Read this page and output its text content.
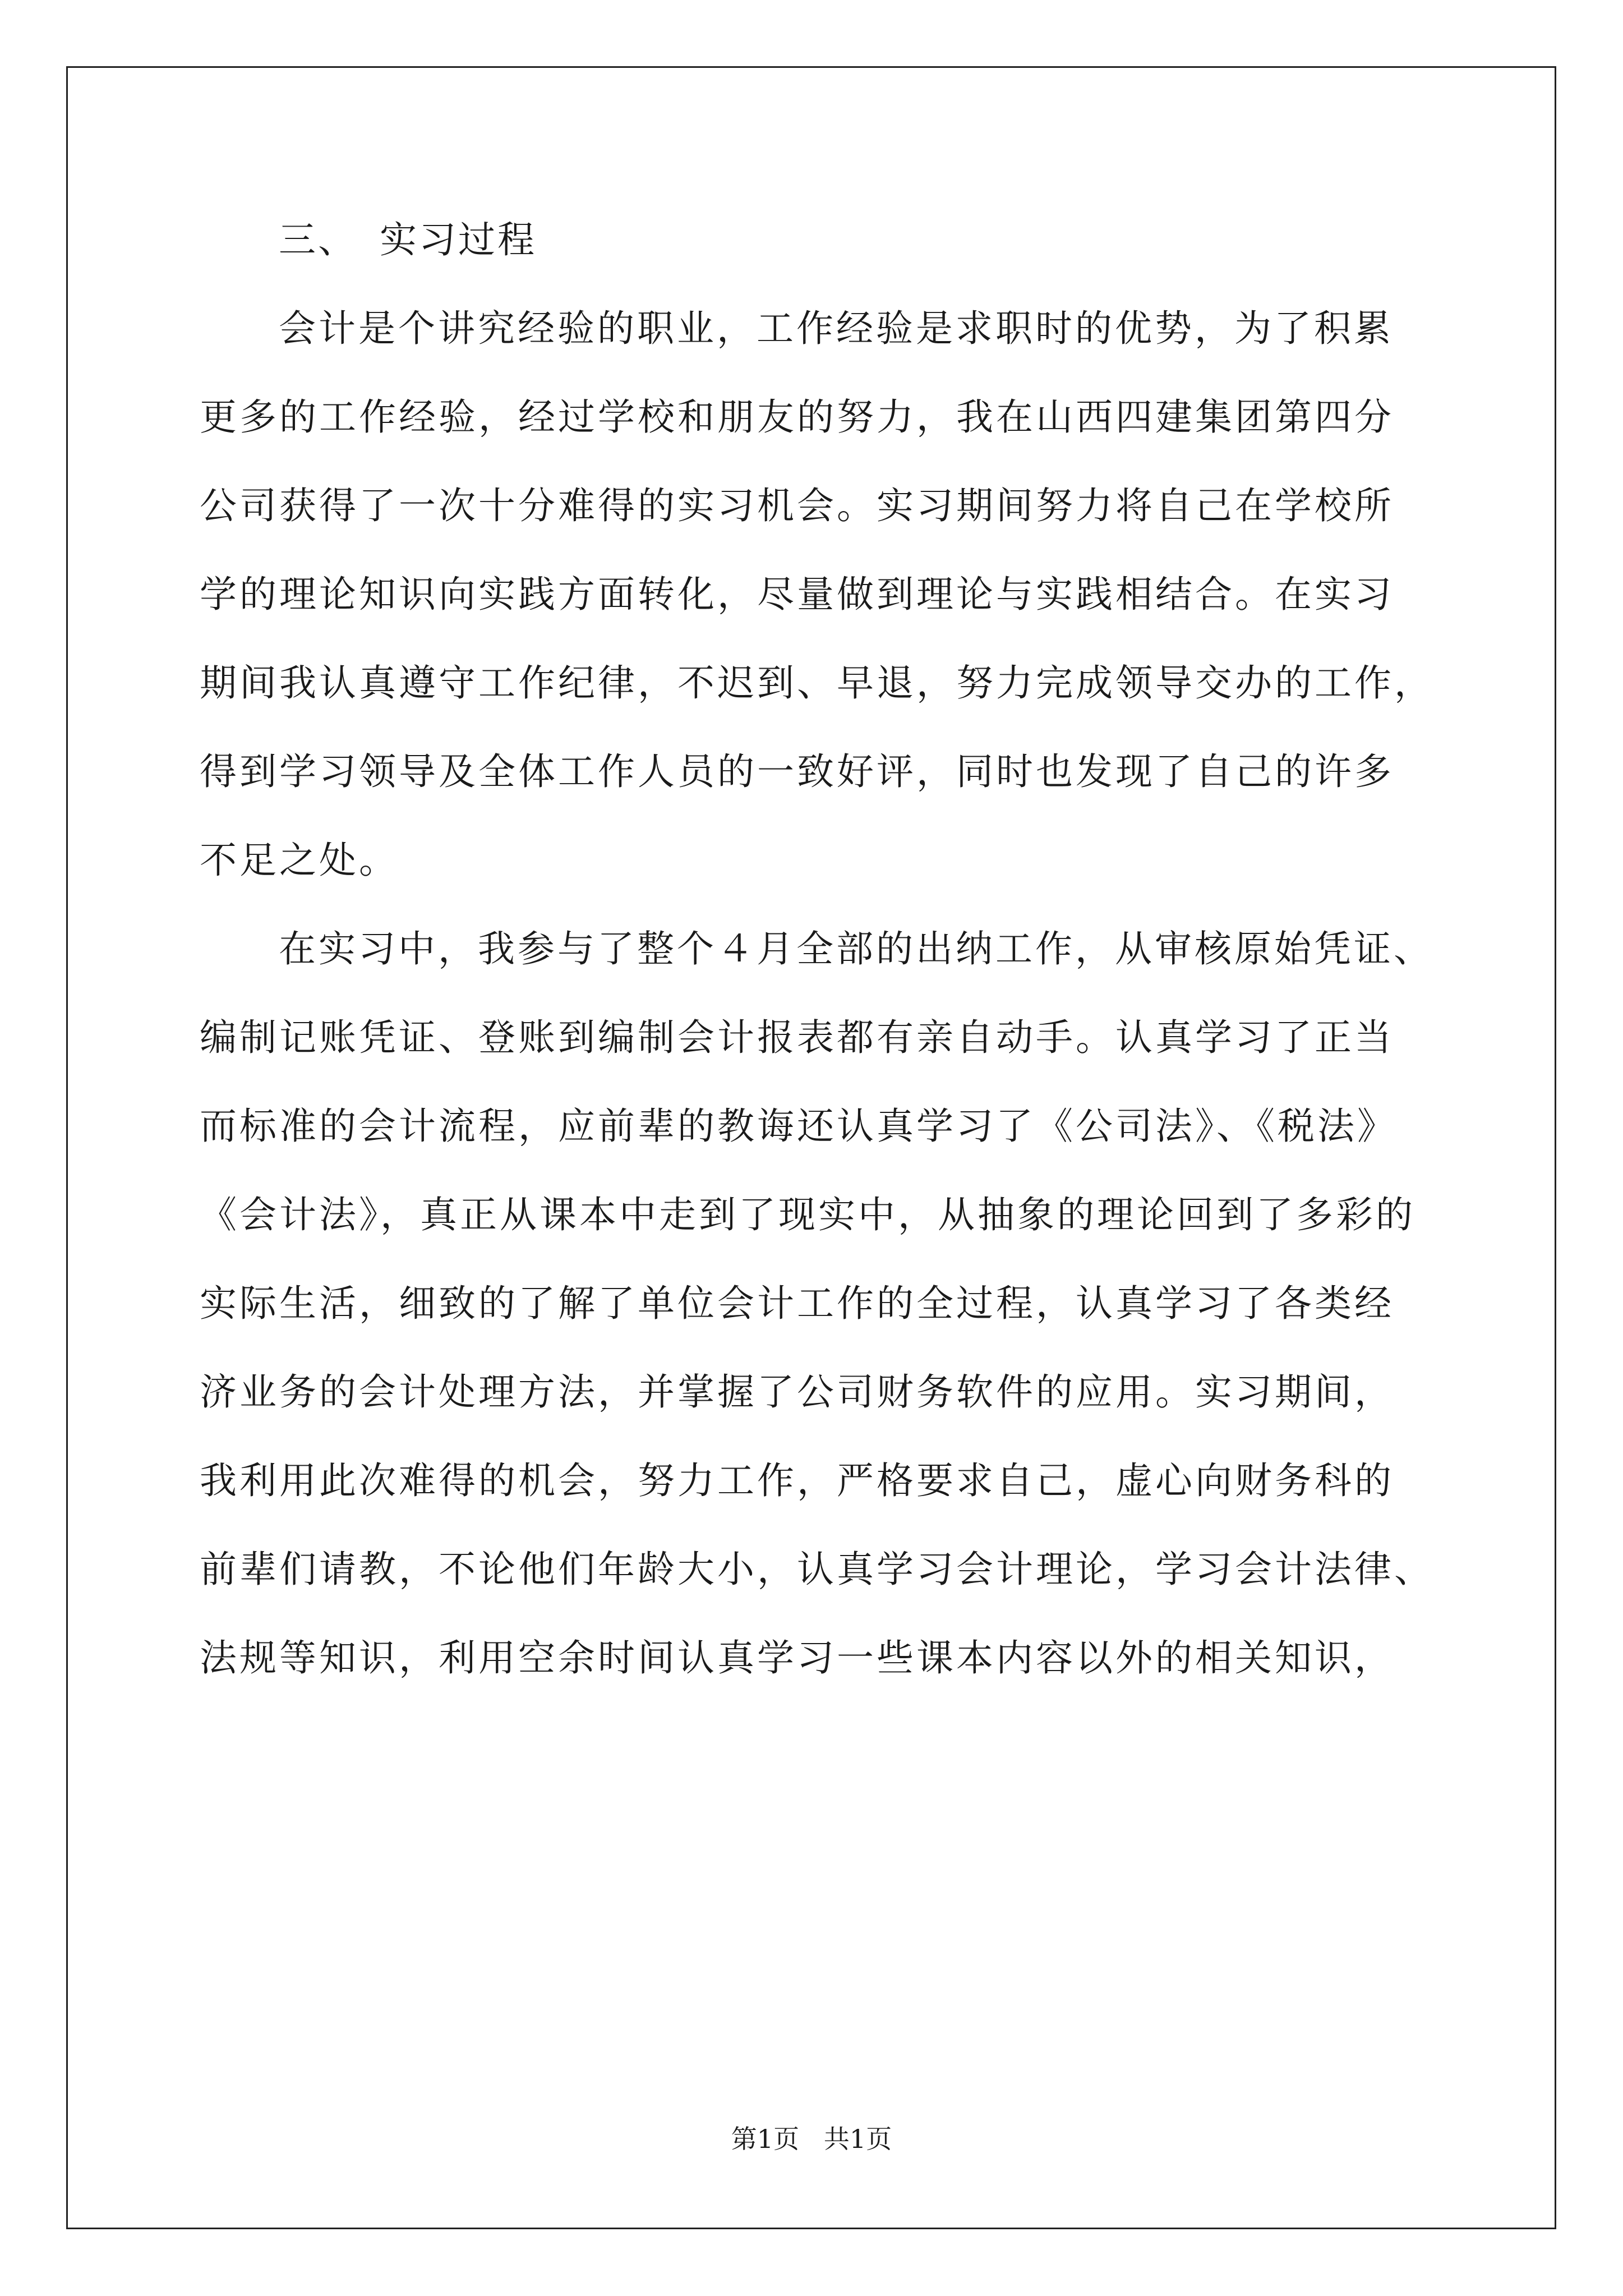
三、 实习过程
会计是个讲究经验的职业，工作经验是求职时的优势，为了积累
更多的工作经验，经过学校和朋友的努力，我在山西四建集团第四分
公司获得了一次十分难得的实习机会。实习期间努力将自己在学校所
学的理论知识向实践方面转化，尽量做到理论与实践相结合。在实习
期间我认真遵守工作纪律，不迟到、早退，努力完成领导交办的工作，
得到学习领导及全体工作人员的一致好评，同时也发现了自己的许多
不足之处。
在实习中，我参与了整个４月全部的出纳工作，从审核原始凭证、
编制记账凭证、登账到编制会计报表都有亲自动手。认真学习了正当
而标准的会计流程，应前辈的教诲还认真学习了《公司法》、《税法》
《会计法》，真正从课本中走到了现实中，从抽象的理论回到了多彩的
实际生活，细致的了解了单位会计工作的全过程，认真学习了各类经
济业务的会计处理方法，并掌握了公司财务软件的应用。实习期间，
我利用此次难得的机会，努力工作，严格要求自己，虚心向财务科的
前辈们请教，不论他们年龄大小，认真学习会计理论，学习会计法律、
法规等知识，利用空余时间认真学习一些课本内容以外的相关知识，
第1页   共1页
